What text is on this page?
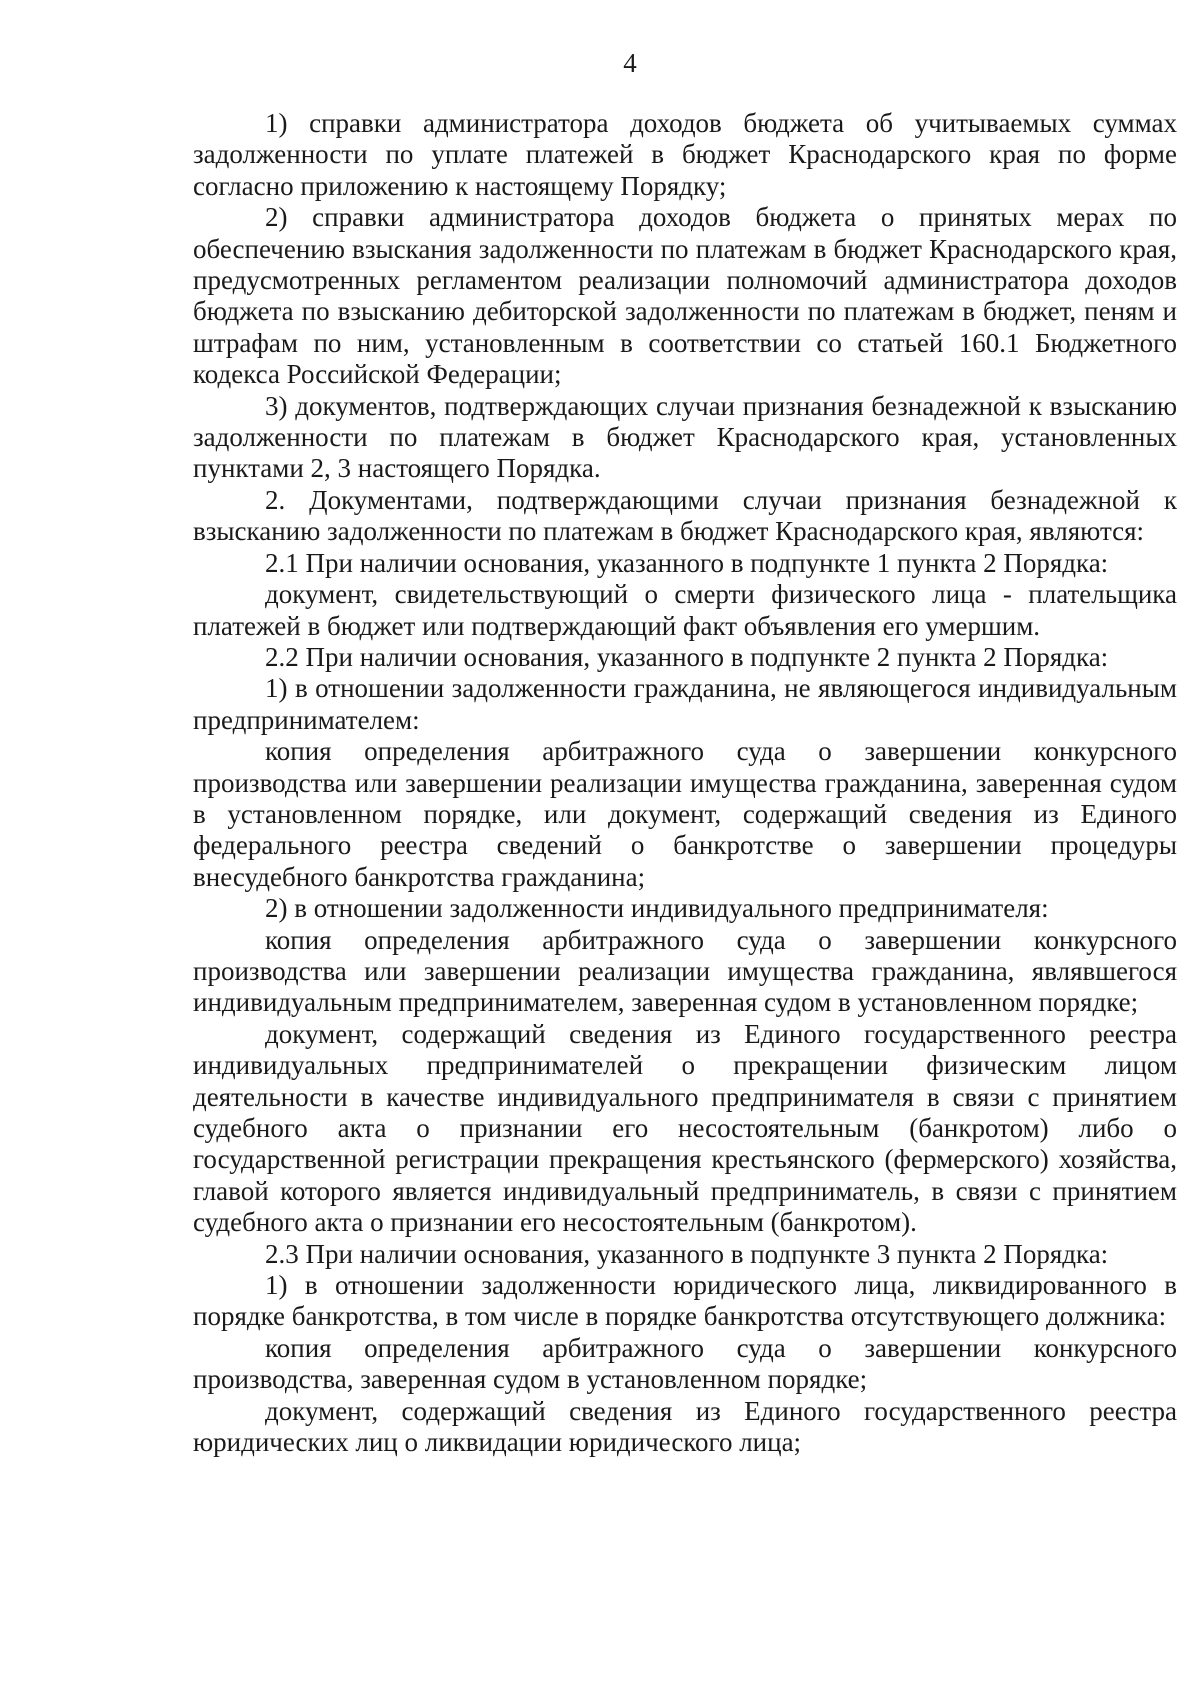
4

1) справки администратора доходов бюджета об учитываемых суммах задолженности по уплате платежей в бюджет Краснодарского края по форме согласно приложению к настоящему Порядку;

2) справки администратора доходов бюджета о принятых мерах по обеспечению взыскания задолженности по платежам в бюджет Краснодарского края, предусмотренных регламентом реализации полномочий администратора доходов бюджета по взысканию дебиторской задолженности по платежам в бюджет, пеням и штрафам по ним, установленным в соответствии со статьей 160.1 Бюджетного кодекса Российской Федерации;

3) документов, подтверждающих случаи признания безнадежной к взысканию задолженности по платежам в бюджет Краснодарского края, установленных пунктами 2, 3 настоящего Порядка.

2. Документами, подтверждающими случаи признания безнадежной к взысканию задолженности по платежам в бюджет Краснодарского края, являются:

2.1 При наличии основания, указанного в подпункте 1 пункта 2 Порядка:

документ, свидетельствующий о смерти физического лица - плательщика платежей в бюджет или подтверждающий факт объявления его умершим.

2.2 При наличии основания, указанного в подпункте 2 пункта 2 Порядка:

1) в отношении задолженности гражданина, не являющегося индивидуальным предпринимателем:

копия определения арбитражного суда о завершении конкурсного производства или завершении реализации имущества гражданина, заверенная судом в установленном порядке, или документ, содержащий сведения из Единого федерального реестра сведений о банкротстве о завершении процедуры внесудебного банкротства гражданина;

2) в отношении задолженности индивидуального предпринимателя:

копия определения арбитражного суда о завершении конкурсного производства или завершении реализации имущества гражданина, являвшегося индивидуальным предпринимателем, заверенная судом в установленном порядке;

документ, содержащий сведения из Единого государственного реестра индивидуальных предпринимателей о прекращении физическим лицом деятельности в качестве индивидуального предпринимателя в связи с принятием судебного акта о признании его несостоятельным (банкротом) либо о государственной регистрации прекращения крестьянского (фермерского) хозяйства, главой которого является индивидуальный предприниматель, в связи с принятием судебного акта о признании его несостоятельным (банкротом).

2.3 При наличии основания, указанного в подпункте 3 пункта 2 Порядка:

1) в отношении задолженности юридического лица, ликвидированного в порядке банкротства, в том числе в порядке банкротства отсутствующего должника:

копия определения арбитражного суда о завершении конкурсного производства, заверенная судом в установленном порядке;

документ, содержащий сведения из Единого государственного реестра юридических лиц о ликвидации юридического лица;
